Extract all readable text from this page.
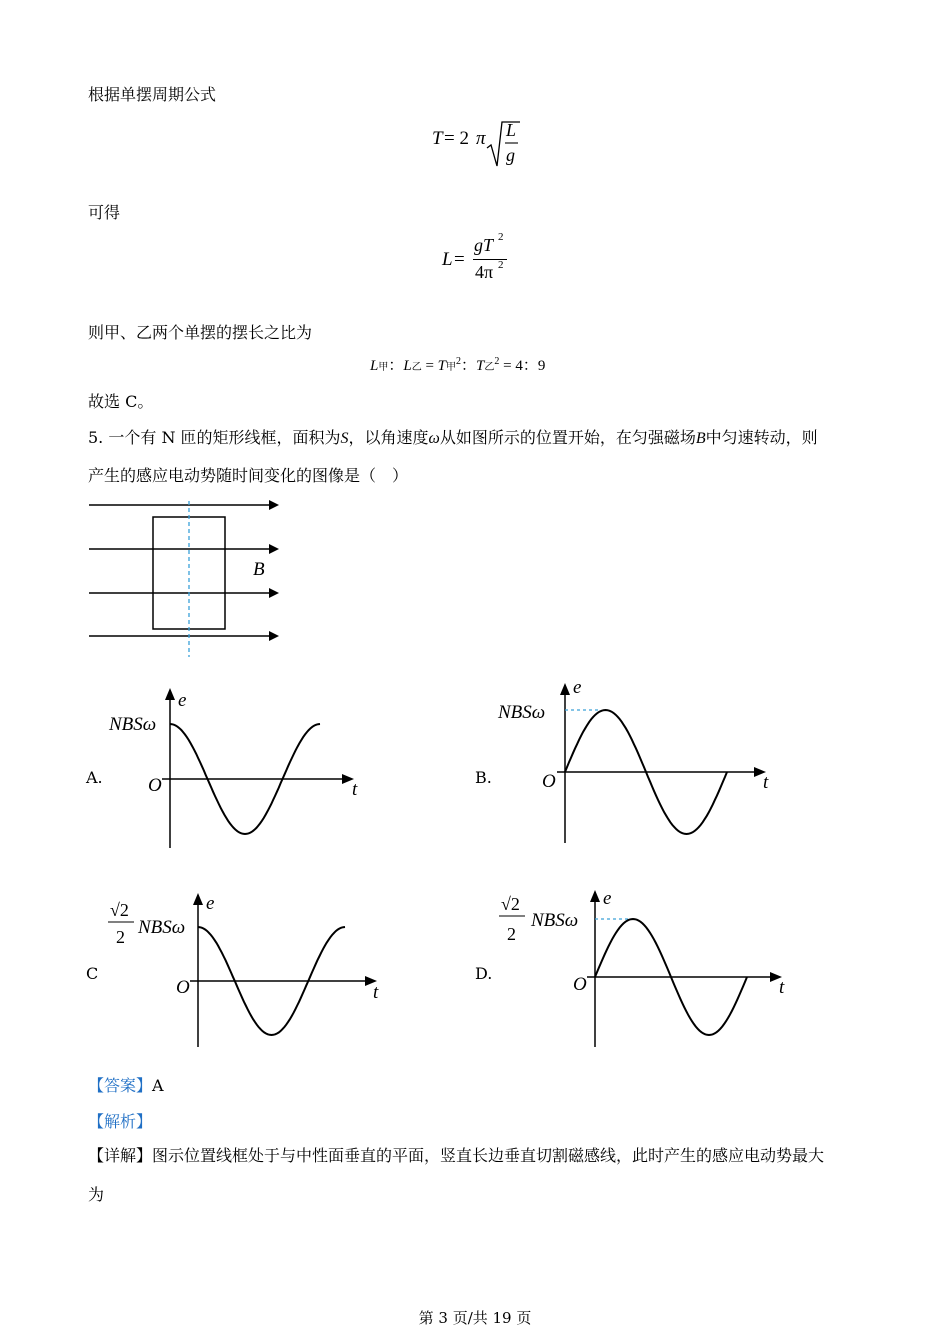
根据单摆周期公式
T = 2 π L
g
可得
L =
gT 2
4π 2
则甲、乙两个单摆的摆长之比为
L甲：L乙 = T甲$^2$：T乙$^2$ = 4：9
故选 C。
5. 一个有 N 匝的矩形线框，面积为S，以角速度ω从如图所示的位置开始，在匀强磁场B中匀速转动，则
产生的感应电动势随时间变化的图像是（　）
B
A.	B.
C	D.
e
NBSω
O	t
e
NBSω
O	t
e
√2
2 NBSω
O	t
e
√2
2
NBSω
O	t
【答案】A
【解析】
【详解】图示位置线框处于与中性面垂直的平面，竖直长边垂直切割磁感线，此时产生的感应电动势最大
为
第 3 页/共 19 页
